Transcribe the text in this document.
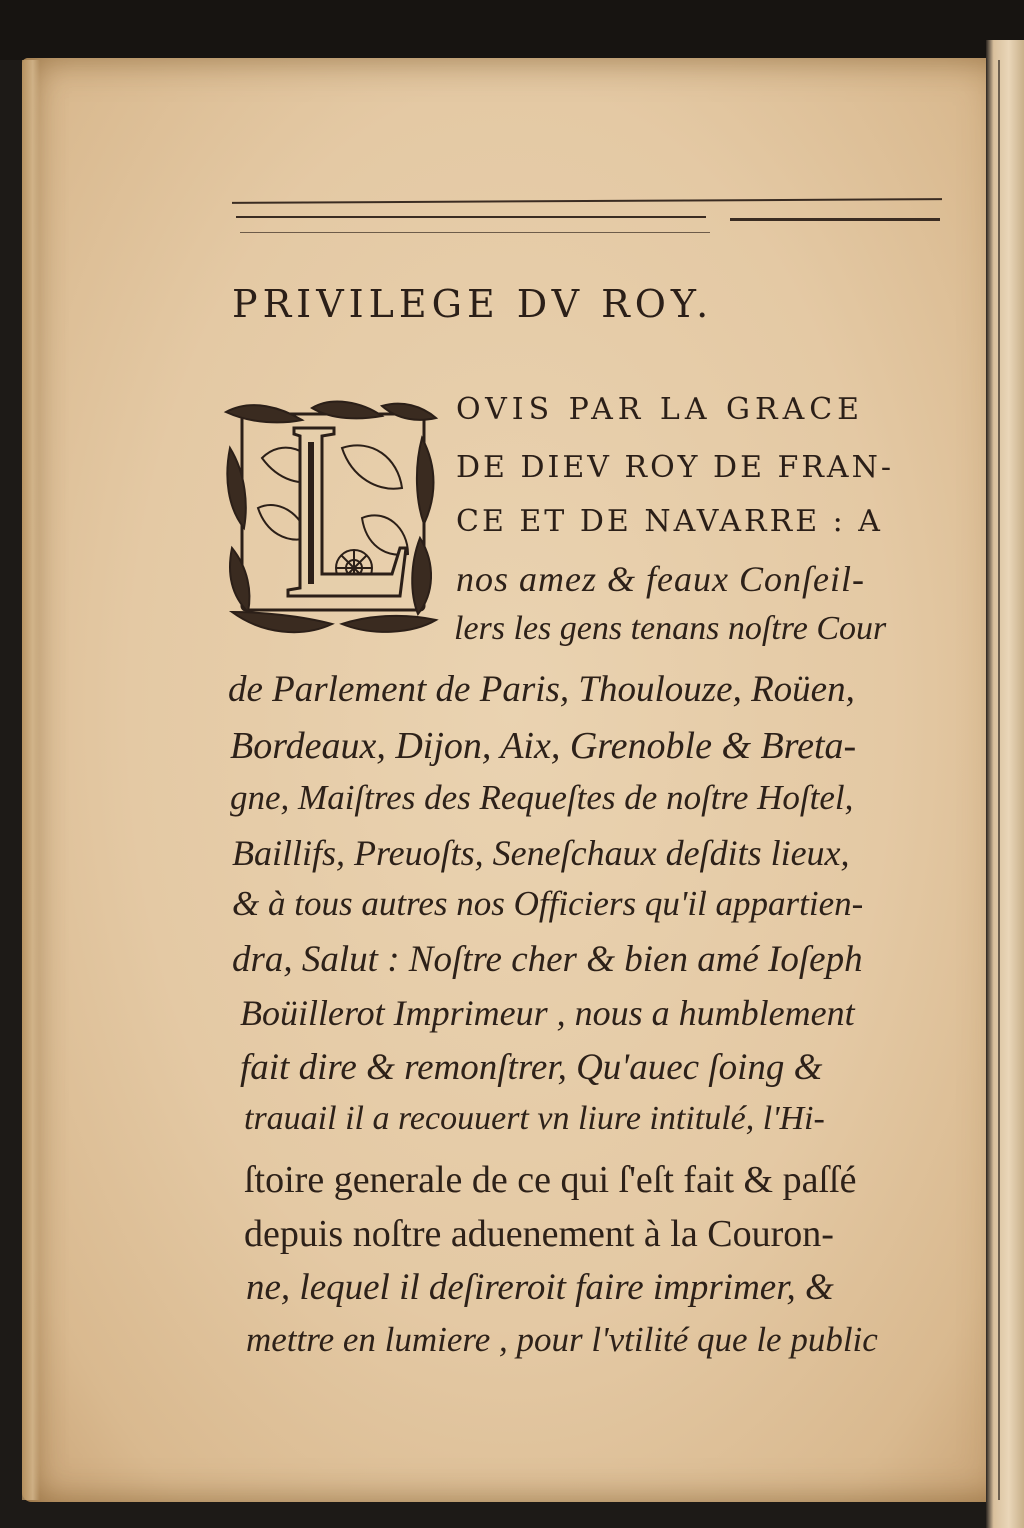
PRIVILEGE DV ROY.
OVIS PAR LA GRACE
DE DIEV ROY DE FRAN-
CE ET DE NAVARRE : A
nos amez & feaux Conſeil-
lers les gens tenans noſtre Cour
de Parlement de Paris, Thoulouze, Roüen,
Bordeaux, Dijon, Aix, Grenoble & Breta-
gne, Maiſtres des Requeſtes de noſtre Hoſtel,
Baillifs, Preuoſts, Seneſchaux deſdits lieux,
& à tous autres nos Officiers qu'il appartien-
dra, Salut : Noſtre cher & bien amé Ioſeph
Boüillerot Imprimeur , nous a humblement
fait dire & remonſtrer, Qu'auec ſoing &
trauail il a recouuert vn liure intitulé, l'Hi-
ſtoire generale de ce qui ſ'eſt fait & paſſé
depuis noſtre aduenement à la Couron-
ne, lequel il deſireroit faire imprimer, &
mettre en lumiere , pour l'vtilité que le public
